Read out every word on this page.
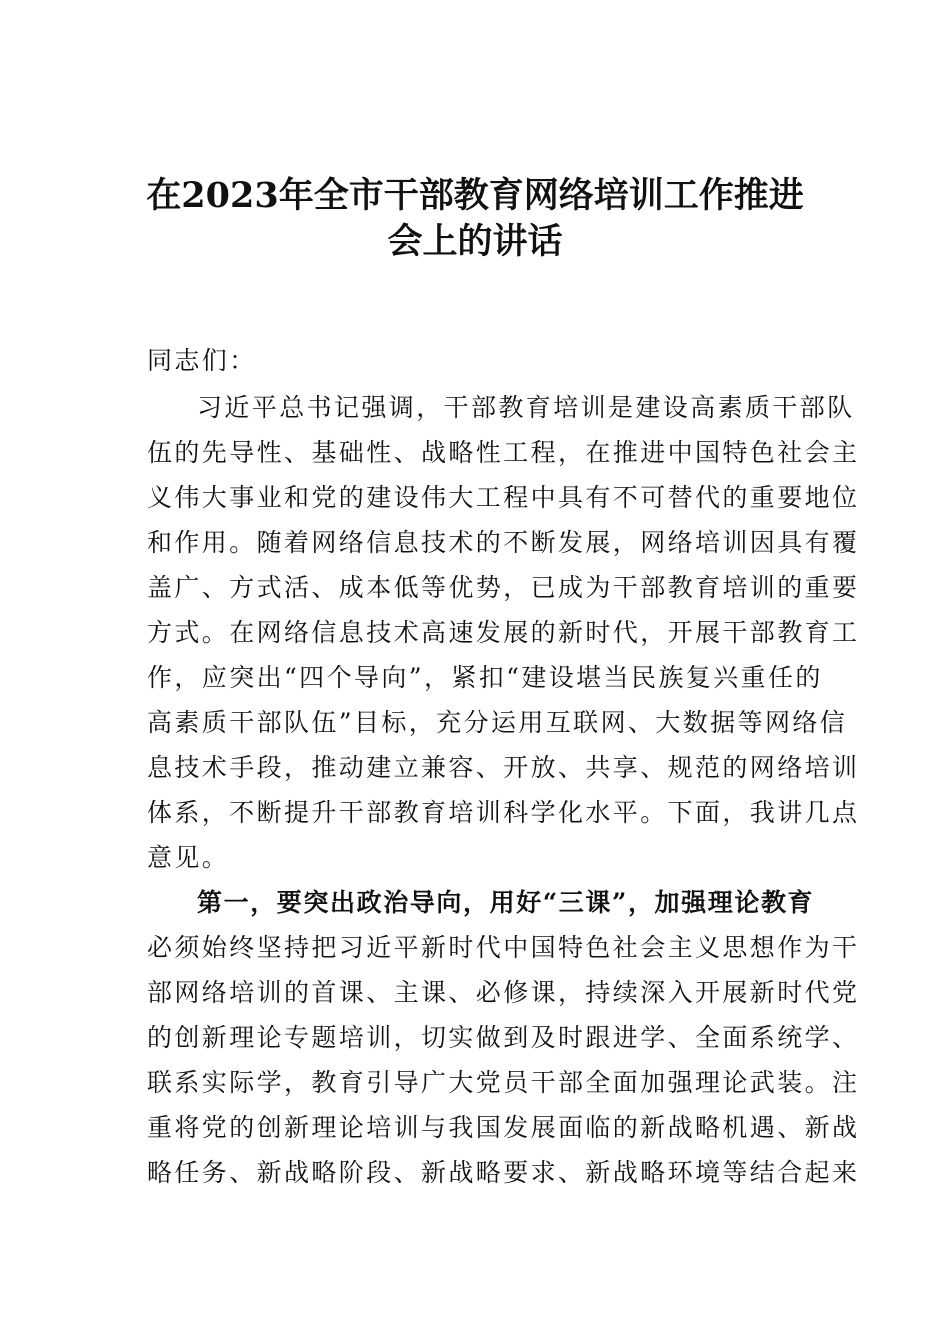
在2023年全市干部教育网络培训工作推进
会上的讲话
同志们：
习近平总书记强调，干部教育培训是建设高素质干部队
伍的先导性、基础性、战略性工程，在推进中国特色社会主
义伟大事业和党的建设伟大工程中具有不可替代的重要地位
和作用。随着网络信息技术的不断发展，网络培训因具有覆
盖广、方式活、成本低等优势，已成为干部教育培训的重要
方式。在网络信息技术高速发展的新时代，开展干部教育工
作，应突出“四个导向”，紧扣“建设堪当民族复兴重任的
高素质干部队伍”目标，充分运用互联网、大数据等网络信
息技术手段，推动建立兼容、开放、共享、规范的网络培训
体系，不断提升干部教育培训科学化水平。下面，我讲几点
意见。
第一，要突出政治导向，用好“三课”，加强理论教育
必须始终坚持把习近平新时代中国特色社会主义思想作为干
部网络培训的首课、主课、必修课，持续深入开展新时代党
的创新理论专题培训，切实做到及时跟进学、全面系统学、
联系实际学，教育引导广大党员干部全面加强理论武装。注
重将党的创新理论培训与我国发展面临的新战略机遇、新战
略任务、新战略阶段、新战略要求、新战略环境等结合起来
